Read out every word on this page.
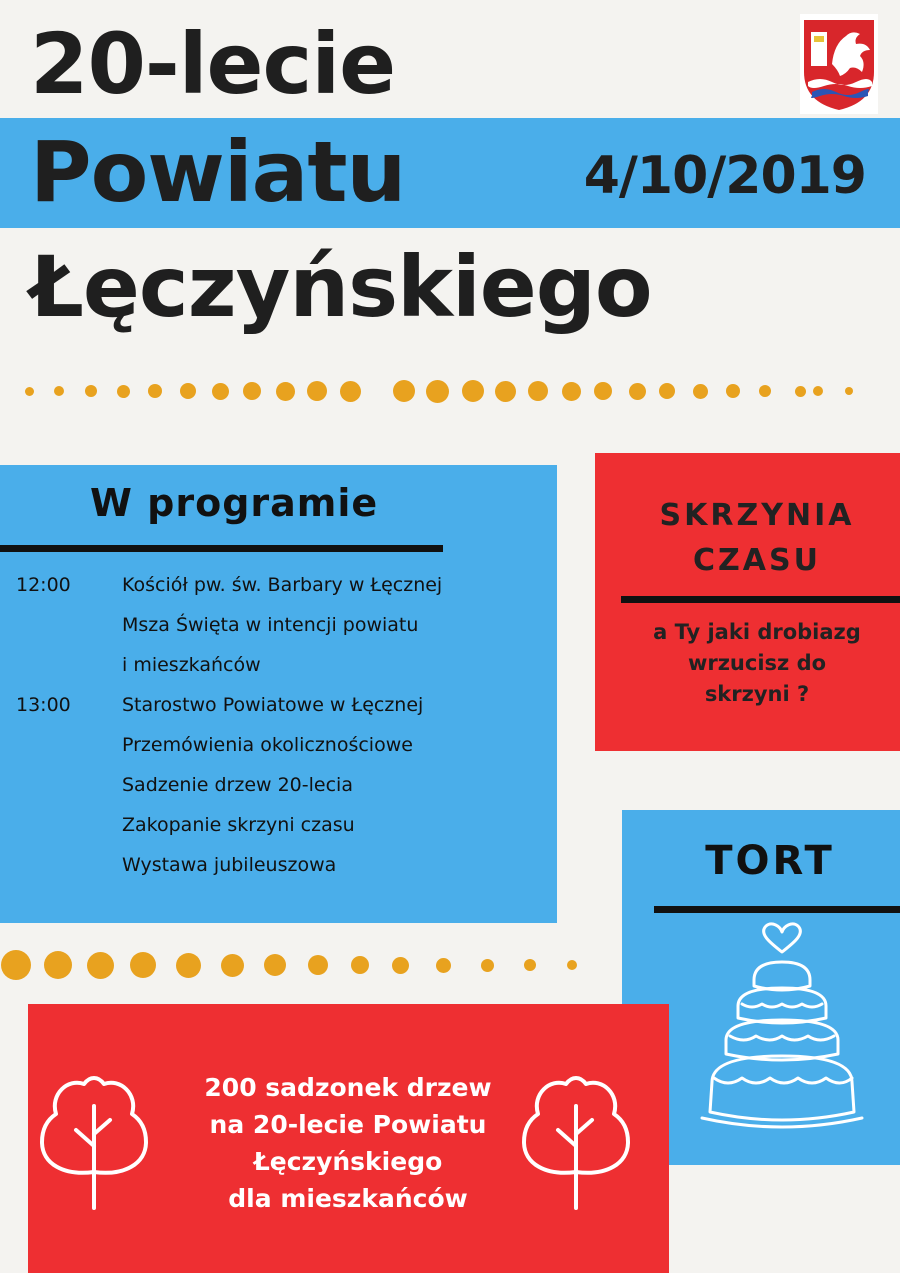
20-lecie
Powiatu
Łęczyńskiego
4/10/2019
W programie
12:00	Kościół pw. św. Barbary w Łęcznej
Msza Święta w intencji powiatu
i mieszkańców
13:00	Starostwo Powiatowe w Łęcznej
Przemówienia okolicznościowe
Sadzenie drzew 20-lecia
Zakopanie skrzyni czasu
Wystawa jubileuszowa
SKRZYNIA
CZASU

a Ty jaki drobiazg
wrzucisz do
skrzyni ?

TORT

200 sadzonek drzew
na 20-lecie Powiatu
Łęczyńskiego
dla mieszkańców
